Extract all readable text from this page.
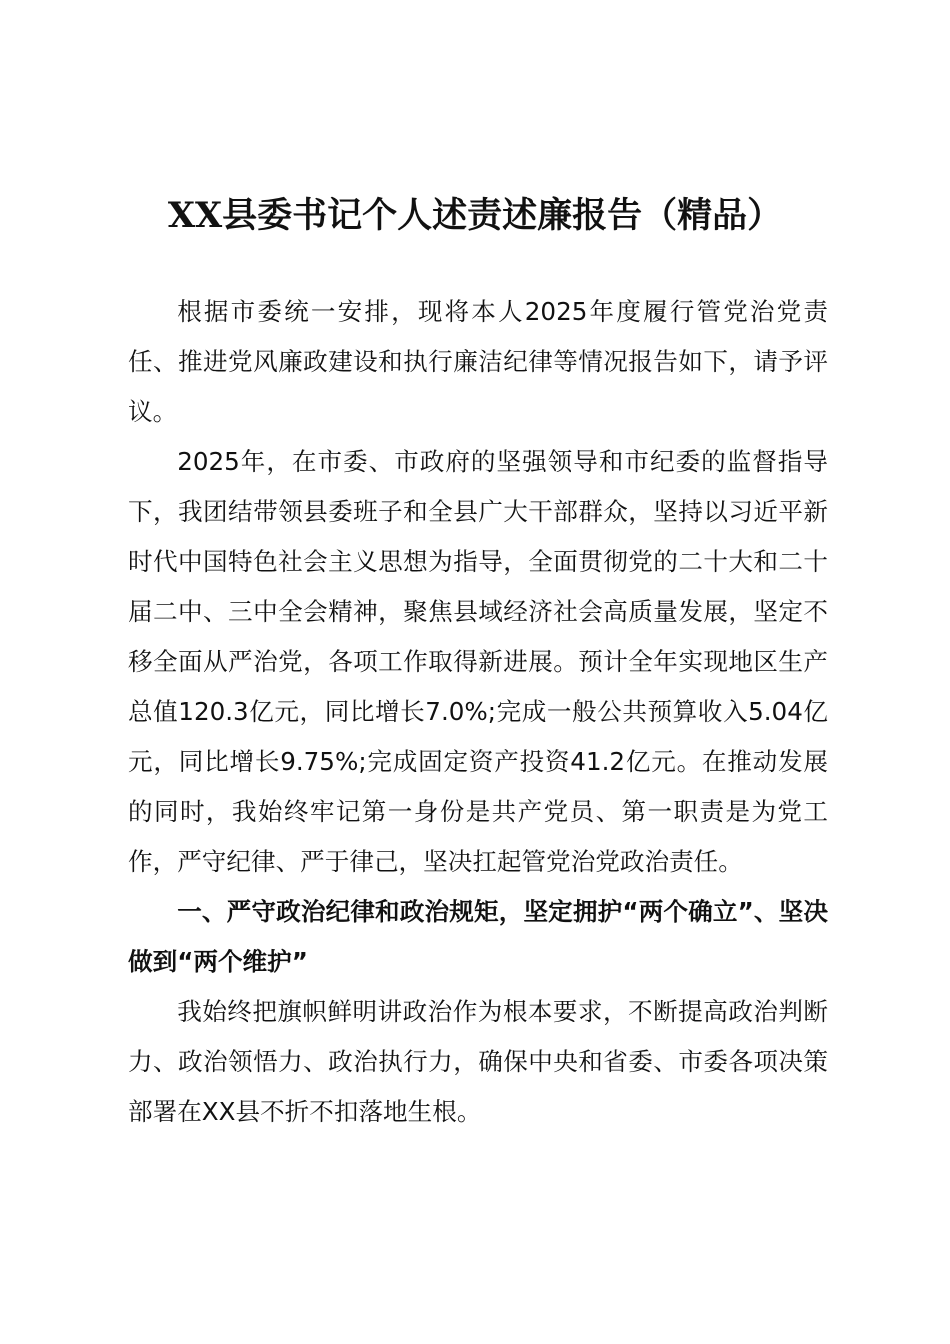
XX县委书记个人述责述廉报告（精品）

根据市委统一安排，现将本人2025年度履行管党治党责任、推进党风廉政建设和执行廉洁纪律等情况报告如下，请予评议。

2025年，在市委、市政府的坚强领导和市纪委的监督指导下，我团结带领县委班子和全县广大干部群众，坚持以习近平新时代中国特色社会主义思想为指导，全面贯彻党的二十大和二十届二中、三中全会精神，聚焦县域经济社会高质量发展，坚定不移全面从严治党，各项工作取得新进展。预计全年实现地区生产总值120.3亿元，同比增长7.0%;完成一般公共预算收入5.04亿元，同比增长9.75%;完成固定资产投资41.2亿元。在推动发展的同时，我始终牢记第一身份是共产党员、第一职责是为党工作，严守纪律、严于律己，坚决扛起管党治党政治责任。

一、严守政治纪律和政治规矩，坚定拥护“两个确立”、坚决做到“两个维护”

我始终把旗帜鲜明讲政治作为根本要求，不断提高政治判断力、政治领悟力、政治执行力，确保中央和省委、市委各项决策部署在XX县不折不扣落地生根。
